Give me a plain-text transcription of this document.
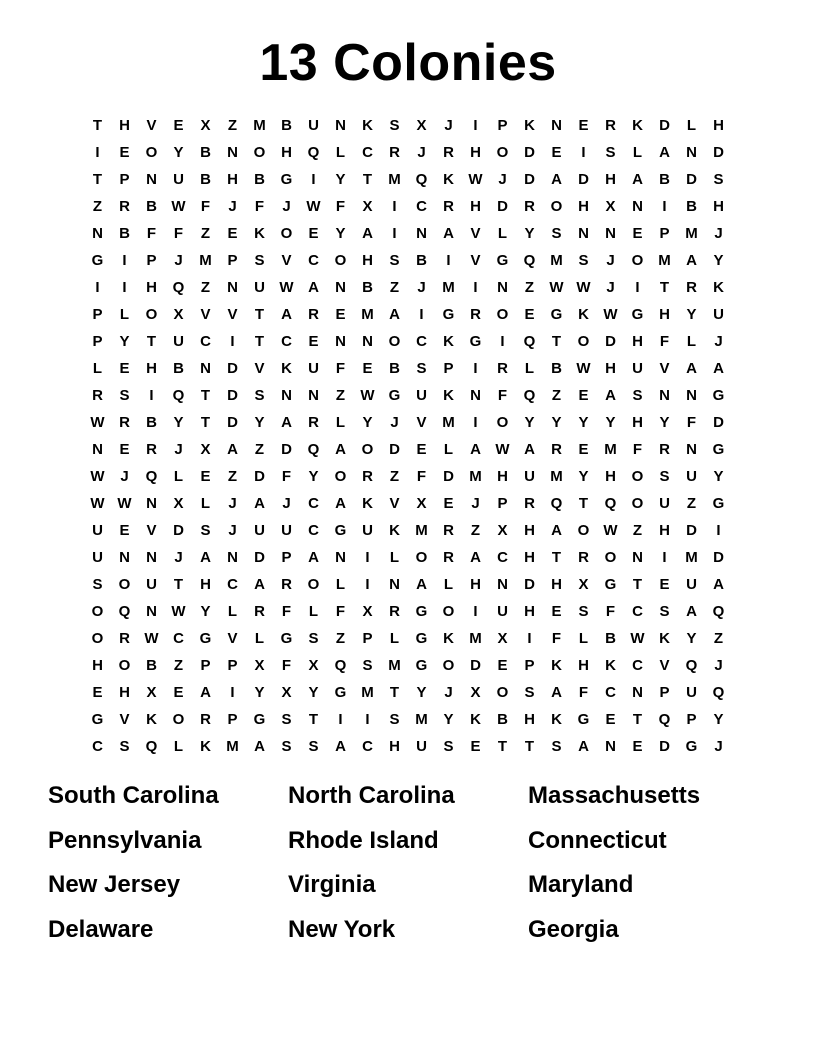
13 Colonies
T	H	V	E	X	Z	M	B	U	N	K	S	X	J	I	P	K	N	E	R	K	D	L	H
I	E	O	Y	B	N	O	H	Q	L	C	R	J	R	H	O	D	E	I	S	L	A	N	D
T	P	N	U	B	H	B	G	I	Y	T	M Q	K W	J	D	A	D	H	A	B	D	S
Z	R	B W	F	J	F	J	W	F	X	I	C	R	H	D	R	O	H	X	N	I	B	H
N	B	F	F	Z	E	K	O	E	Y	A	I	N	A	V	L	Y	S	N	N	E	P	M	J
G	I	P	J	M	P	S	V	C	O	H	S	B	I	V	G	Q M	S	J	O M	A	Y
I	I	H	Q	Z	N	U W A	N	B	Z	J	M	I	N	Z	W W	J	I	T	R	K
P	L	O	X	V	V	T	A	R	E	M	A	I	G	R	O	E	G	K W G	H	Y	U
P	Y	T	U	C	I	T	C	E	N	N	O	C	K	G	I	Q	T	O	D	H	F	L	J
L	E	H	B	N	D	V	K	U	F	E	B	S	P	I	R	L	B W H	U	V	A	A
R	S	I	Q	T	D	S	N	N	Z	W G	U	K	N	F	Q	Z	E	A	S	N	N	G
W R	B	Y	T	D	Y	A	R	L	Y	J	V	M	I	O	Y	Y	Y	Y	H	Y	F	D
N	E	R	J	X	A	Z	D	Q	A	O	D	E	L	A W A	R	E	M	F	R	N	G
W	J	Q	L	E	Z	D	F	Y	O	R	Z	F	D	M	H	U	M	Y	H	O	S	U	Y
W W N	X	L	J	A	J	C	A	K	V	X	E	J	P	R	Q	T	Q	O	U	Z	G
U	E	V	D	S	J	U	U	C	G	U	K	M	R	Z	X	H	A	O W	Z	H	D	I
U	N	N	J	A	N	D	P	A	N	I	L	O	R	A	C	H	T	R	O	N	I	M	D
S	O	U	T	H	C	A	R	O	L	I	N	A	L	H	N	D	H	X	G	T	E	U	A
O	Q	N W Y	L	R	F	L	F	X	R	G	O	I	U	H	E	S	F	C	S	A	Q
O	R W C	G	V	L	G	S	Z	P	L	G	K	M	X	I	F	L	B W K	Y	Z
H	O	B	Z	P	P	X	F	X	Q	S	M G	O	D	E	P	K	H	K	C	V	Q	J
E	H	X	E	A	I	Y	X	Y	G M	T	Y	J	X	O	S	A	F	C	N	P	U	Q
G	V	K	O	R	P	G	S	T	I	I	S	M	Y	K	B	H	K	G	E	T	Q	P	Y
C	S	Q	L	K	M	A	S	S	A	C	H	U	S	E	T	T	S	A	N	E	D	G	J
South Carolina	North Carolina	Massachusetts
Pennsylvania	Rhode Island	Connecticut
New Jersey	Virginia	Maryland
Delaware	New York	Georgia
